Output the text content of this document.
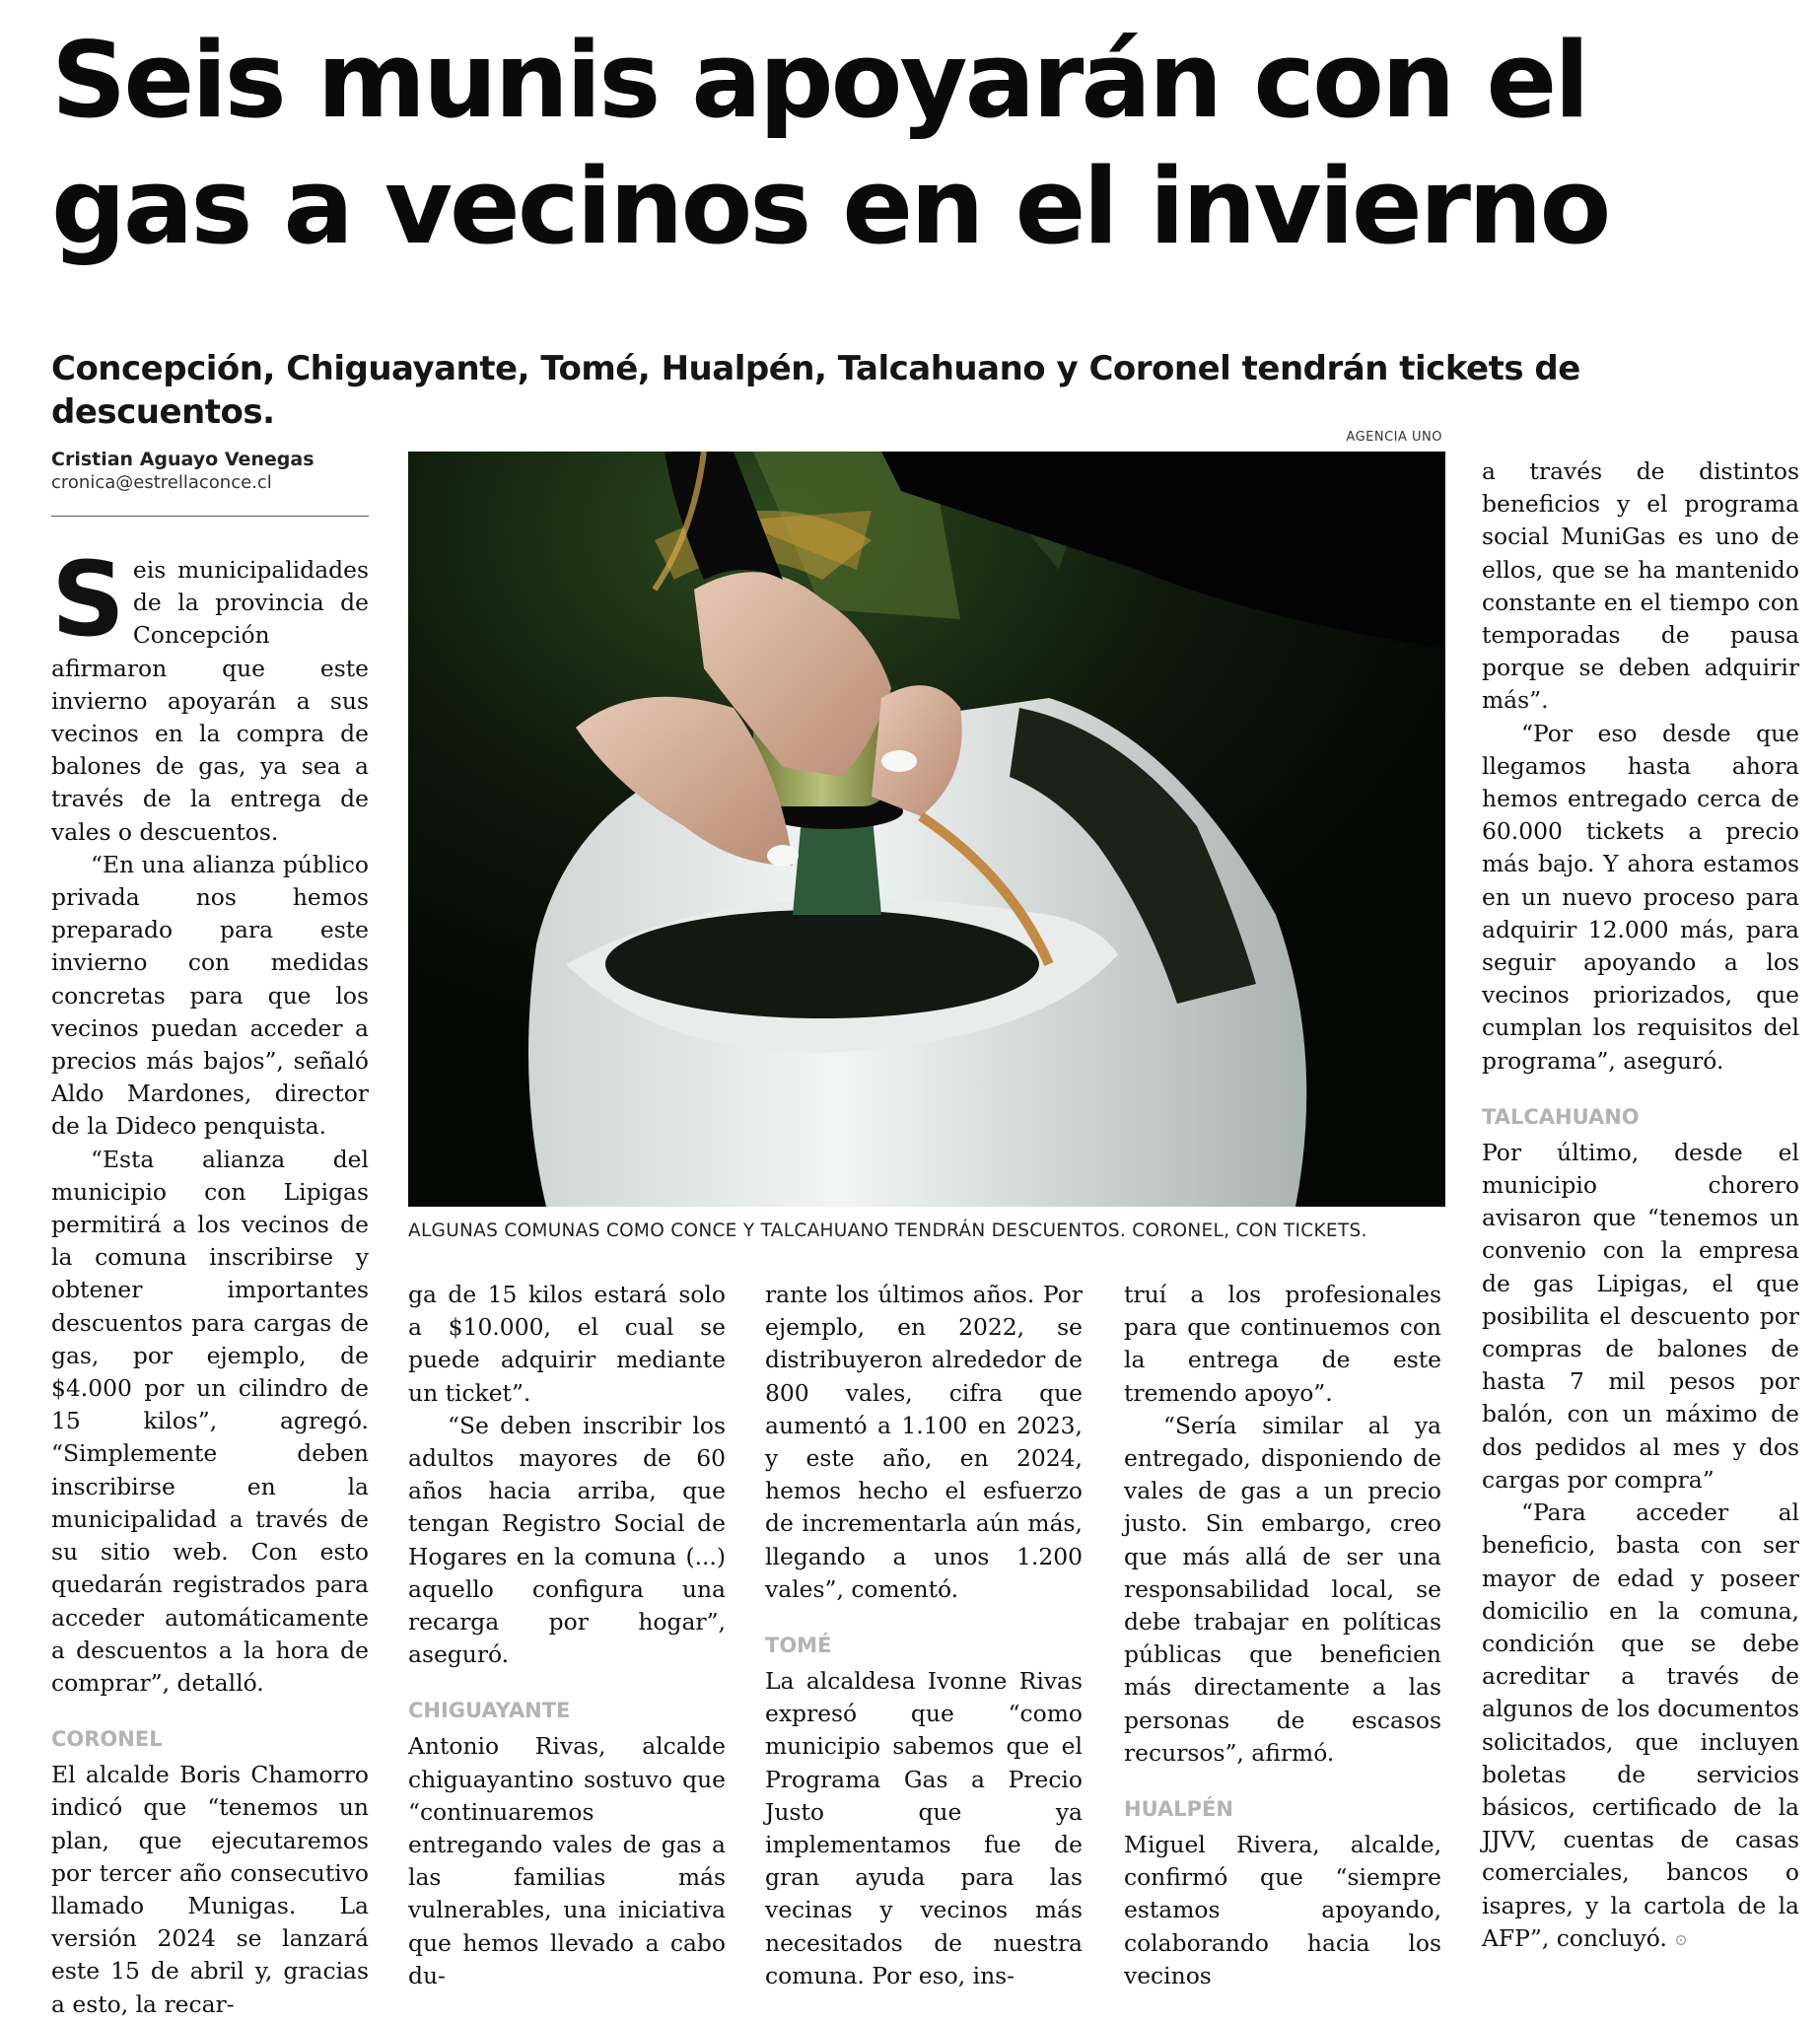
Seis munis apoyarán con el gas a vecinos en el invierno
Concepción, Chiguayante, Tomé, Hualpén, Talcahuano y Coronel tendrán tickets de descuentos.
Cristian Aguayo Venegas
cronica@estrellaconce.cl

S eis municipalidades de la provincia de Concepción afirmaron que este invierno apoyarán a sus vecinos en la compra de balones de gas, ya sea a través de la entrega de vales o descuentos.

“En una alianza público privada nos hemos preparado para este invierno con medidas concretas para que los vecinos puedan acceder a precios más bajos”, señaló Aldo Mardones, director de la Dideco penquista.

“Esta alianza del municipio con Lipigas permitirá a los vecinos de la comuna inscribirse y obtener importantes descuentos para cargas de gas, por ejemplo, de $4.000 por un cilindro de 15 kilos”, agregó. “Simplemente deben inscribirse en la municipalidad a través de su sitio web. Con esto quedarán registrados para acceder automáticamente a descuentos a la hora de comprar”, detalló.

CORONEL

El alcalde Boris Chamorro indicó que “tenemos un plan, que ejecutaremos por tercer año consecutivo llamado Munigas. La versión 2024 se lanzará este 15 de abril y, gracias a esto, la recar-

AGENCIA UNO
ALGUNAS COMUNAS COMO CONCE Y TALCAHUANO TENDRÁN DESCUENTOS. CORONEL, CON TICKETS.

ga de 15 kilos estará solo a $10.000, el cual se puede adquirir mediante un ticket”.

“Se deben inscribir los adultos mayores de 60 años hacia arriba, que tengan Registro Social de Hogares en la comuna (...) aquello configura una recarga por hogar”, aseguró.

CHIGUAYANTE

Antonio Rivas, alcalde chiguayantino sostuvo que “continuaremos entregando vales de gas a las familias más vulnerables, una iniciativa que hemos llevado a cabo du-

rante los últimos años. Por ejemplo, en 2022, se distribuyeron alrededor de 800 vales, cifra que aumentó a 1.100 en 2023, y este año, en 2024, hemos hecho el esfuerzo de incrementarla aún más, llegando a unos 1.200 vales”, comentó.

TOMÉ

La alcaldesa Ivonne Rivas expresó que “como municipio sabemos que el Programa Gas a Precio Justo que ya implementamos fue de gran ayuda para las vecinas y vecinos más necesitados de nuestra comuna. Por eso, ins-

truí a los profesionales para que continuemos con la entrega de este tremendo apoyo”.

“Sería similar al ya entregado, disponiendo de vales de gas a un precio justo. Sin embargo, creo que más allá de ser una responsabilidad local, se debe trabajar en políticas públicas que beneficien más directamente a las personas de escasos recursos”, afirmó.

HUALPÉN

Miguel Rivera, alcalde, confirmó que “siempre estamos apoyando, colaborando hacia los vecinos

a través de distintos beneficios y el programa social MuniGas es uno de ellos, que se ha mantenido constante en el tiempo con temporadas de pausa porque se deben adquirir más”.

“Por eso desde que llegamos hasta ahora hemos entregado cerca de 60.000 tickets a precio más bajo. Y ahora estamos en un nuevo proceso para adquirir 12.000 más, para seguir apoyando a los vecinos priorizados, que cumplan los requisitos del programa”, aseguró.

TALCAHUANO

Por último, desde el municipio chorero avisaron que “tenemos un convenio con la empresa de gas Lipigas, el que posibilita el descuento por compras de balones de hasta 7 mil pesos por balón, con un máximo de dos pedidos al mes y dos cargas por compra”

“Para acceder al beneficio, basta con ser mayor de edad y poseer domicilio en la comuna, condición que se debe acreditar a través de algunos de los documentos solicitados, que incluyen boletas de servicios básicos, certificado de la JJVV, cuentas de casas comerciales, bancos o isapres, y la cartola de la AFP”, concluyó. ⊙
